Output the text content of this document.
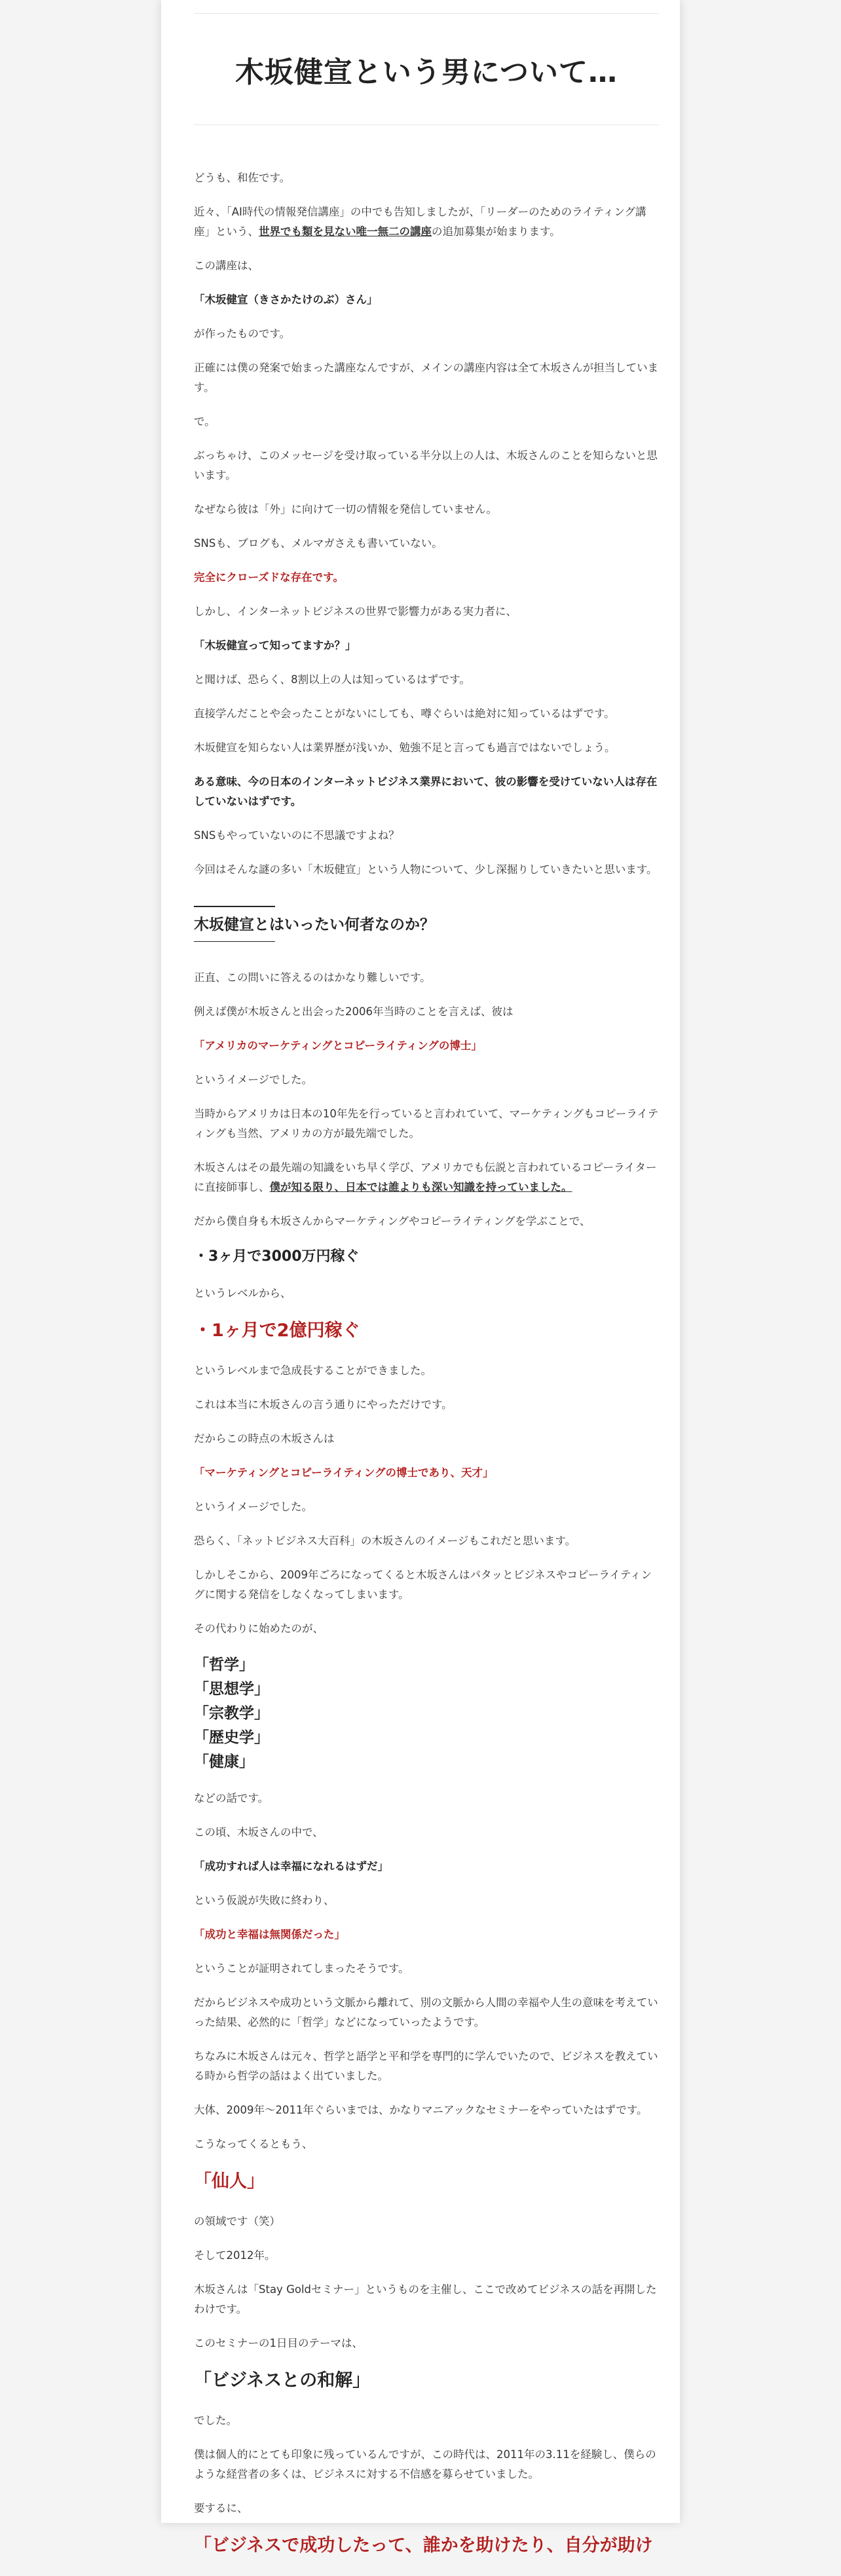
木坂健宣という男について…

どうも、和佐です。

近々、「AI時代の情報発信講座」の中でも告知しましたが、「リーダーのためのライティング講座」という、世界でも類を見ない唯一無二の講座の追加募集が始まります。

この講座は、

「木坂健宣（きさかたけのぶ）さん」

が作ったものです。

正確には僕の発案で始まった講座なんですが、メインの講座内容は全て木坂さんが担当しています。

で。

ぶっちゃけ、このメッセージを受け取っている半分以上の人は、木坂さんのことを知らないと思います。

なぜなら彼は「外」に向けて一切の情報を発信していません。

SNSも、ブログも、メルマガさえも書いていない。

完全にクローズドな存在です。

しかし、インターネットビジネスの世界で影響力がある実力者に、

「木坂健宣って知ってますか？」

と聞けば、恐らく、8割以上の人は知っているはずです。

直接学んだことや会ったことがないにしても、噂ぐらいは絶対に知っているはずです。

木坂健宣を知らない人は業界歴が浅いか、勉強不足と言っても過言ではないでしょう。

ある意味、今の日本のインターネットビジネス業界において、彼の影響を受けていない人は存在していないはずです。

SNSもやっていないのに不思議ですよね？

今回はそんな謎の多い「木坂健宣」という人物について、少し深掘りしていきたいと思います。

木坂健宣とはいったい何者なのか？

正直、この問いに答えるのはかなり難しいです。

例えば僕が木坂さんと出会った2006年当時のことを言えば、彼は

「アメリカのマーケティングとコピーライティングの博士」

というイメージでした。

当時からアメリカは日本の10年先を行っていると言われていて、マーケティングもコピーライティングも当然、アメリカの方が最先端でした。

木坂さんはその最先端の知識をいち早く学び、アメリカでも伝説と言われているコピーライターに直接師事し、僕が知る限り、日本では誰よりも深い知識を持っていました。

だから僕自身も木坂さんからマーケティングやコピーライティングを学ぶことで、

・3ヶ月で3000万円稼ぐ

というレベルから、

・1ヶ月で2億円稼ぐ

というレベルまで急成長することができました。

これは本当に木坂さんの言う通りにやっただけです。

だからこの時点の木坂さんは

「マーケティングとコピーライティングの博士であり、天才」

というイメージでした。

恐らく、「ネットビジネス大百科」の木坂さんのイメージもこれだと思います。

しかしそこから、2009年ごろになってくると木坂さんはパタッとビジネスやコピーライティングに関する発信をしなくなってしまいます。

その代わりに始めたのが、

「哲学」
「思想学」
「宗教学」
「歴史学」
「健康」

などの話です。

この頃、木坂さんの中で、

「成功すれば人は幸福になれるはずだ」

という仮説が失敗に終わり、

「成功と幸福は無関係だった」

ということが証明されてしまったそうです。

だからビジネスや成功という文脈から離れて、別の文脈から人間の幸福や人生の意味を考えていった結果、必然的に「哲学」などになっていったようです。

ちなみに木坂さんは元々、哲学と語学と平和学を専門的に学んでいたので、ビジネスを教えている時から哲学の話はよく出ていました。

大体、2009年〜2011年ぐらいまでは、かなりマニアックなセミナーをやっていたはずです。

こうなってくるともう、

「仙人」

の領域です（笑）

そして2012年。

木坂さんは「Stay Goldセミナー」というものを主催し、ここで改めてビジネスの話を再開したわけです。

このセミナーの1日目のテーマは、

「ビジネスとの和解」

でした。

僕は個人的にとても印象に残っているんですが、この時代は、2011年の3.11を経験し、僕らのような経営者の多くは、ビジネスに対する不信感を募らせていました。

要するに、

「ビジネスで成功したって、誰かを助けたり、自分が助け
